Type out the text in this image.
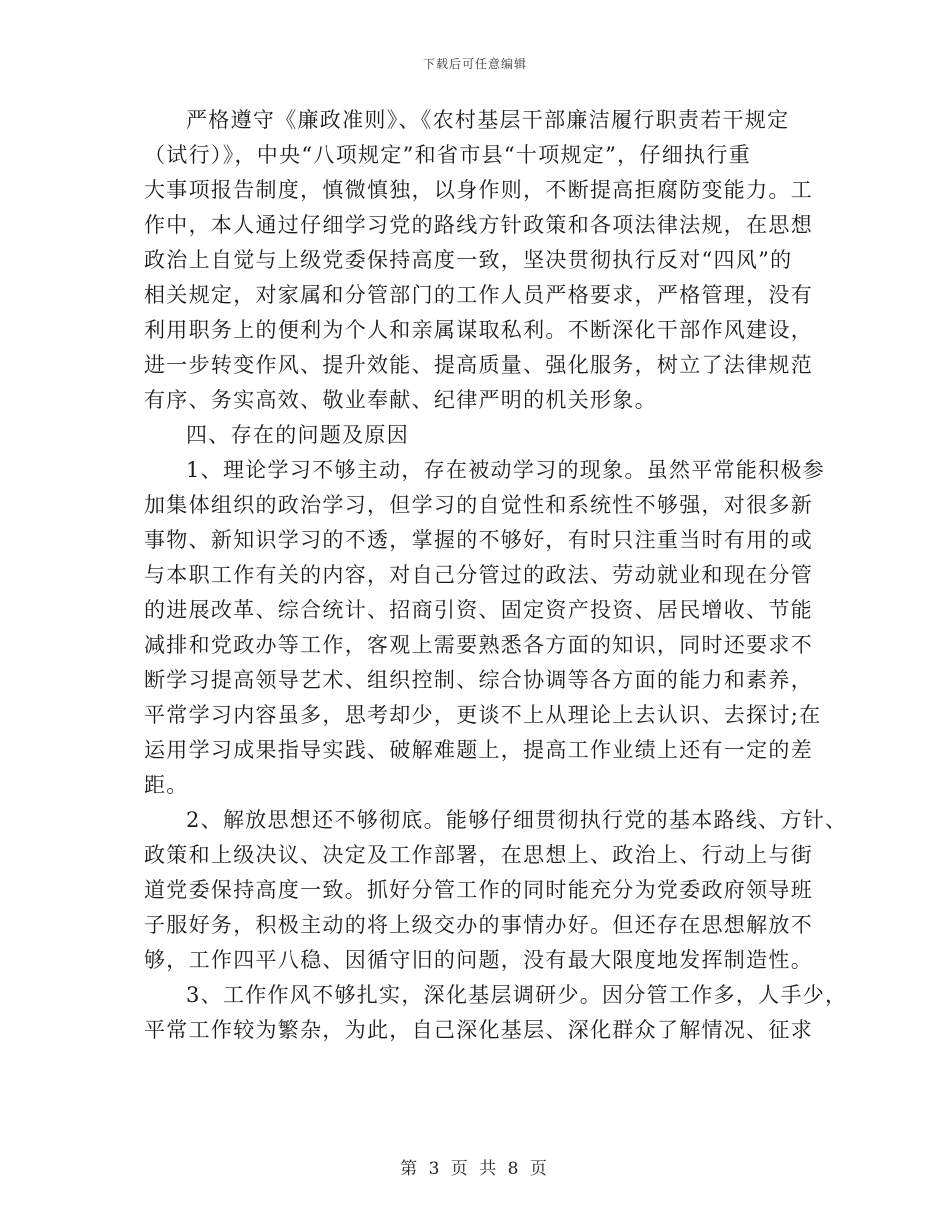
下载后可任意编辑
严格遵守《廉政准则》、《农村基层干部廉洁履行职责若干规定
（试行）》，中央“八项规定”和省市县“十项规定”，仔细执行重
大事项报告制度，慎微慎独，以身作则，不断提高拒腐防变能力。工
作中，本人通过仔细学习党的路线方针政策和各项法律法规，在思想
政治上自觉与上级党委保持高度一致，坚决贯彻执行反对“四风”的
相关规定，对家属和分管部门的工作人员严格要求，严格管理，没有
利用职务上的便利为个人和亲属谋取私利。不断深化干部作风建设，
进一步转变作风、提升效能、提高质量、强化服务，树立了法律规范
有序、务实高效、敬业奉献、纪律严明的机关形象。
四、存在的问题及原因
1、理论学习不够主动，存在被动学习的现象。虽然平常能积极参
加集体组织的政治学习，但学习的自觉性和系统性不够强，对很多新
事物、新知识学习的不透，掌握的不够好，有时只注重当时有用的或
与本职工作有关的内容，对自己分管过的政法、劳动就业和现在分管
的进展改革、综合统计、招商引资、固定资产投资、居民增收、节能
减排和党政办等工作，客观上需要熟悉各方面的知识，同时还要求不
断学习提高领导艺术、组织控制、综合协调等各方面的能力和素养，
平常学习内容虽多，思考却少，更谈不上从理论上去认识、去探讨;在
运用学习成果指导实践、破解难题上，提高工作业绩上还有一定的差
距。
2、解放思想还不够彻底。能够仔细贯彻执行党的基本路线、方针、
政策和上级决议、决定及工作部署，在思想上、政治上、行动上与街
道党委保持高度一致。抓好分管工作的同时能充分为党委政府领导班
子服好务，积极主动的将上级交办的事情办好。但还存在思想解放不
够，工作四平八稳、因循守旧的问题，没有最大限度地发挥制造性。
3、工作作风不够扎实，深化基层调研少。因分管工作多，人手少，
平常工作较为繁杂，为此，自己深化基层、深化群众了解情况、征求
第 3 页 共 8 页
